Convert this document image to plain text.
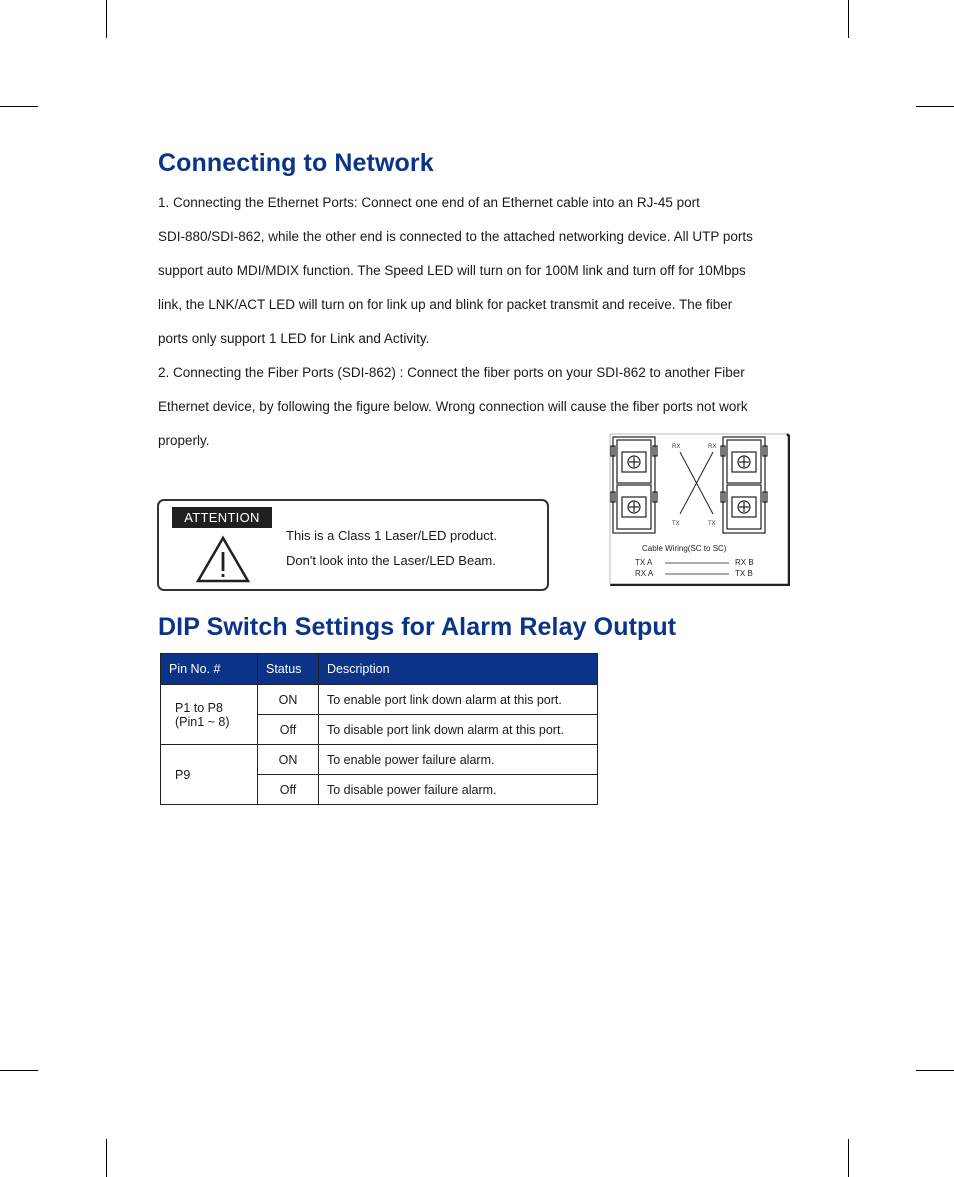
Connecting to Network

1. Connecting the Ethernet Ports: Connect one end of an Ethernet cable into an RJ-45 port

SDI-880/SDI-862, while the other end is connected to the attached networking device. All UTP ports

support auto MDI/MDIX function. The Speed LED will turn on for 100M link and turn off for 10Mbps

link, the LNK/ACT LED will turn on for link up and blink for packet transmit and receive. The fiber

ports only support 1 LED for Link and Activity.

2. Connecting the Fiber Ports (SDI-862) : Connect the fiber ports on your SDI-862 to another Fiber

Ethernet device, by following the figure below. Wrong connection will cause the fiber ports not work

properly.

ATTENTION
This is a Class 1 Laser/LED product.
Don't look into the Laser/LED Beam.
RX	RX
TX	TX
Cable Wiring(SC to SC)
TX A	RX B
RX A	TX B
DIP Switch Settings for Alarm Relay Output
Pin No. #	Status	Description
P1 to P8
(Pin1 ~ 8)	ON	To enable port link down alarm at this port.
	Off	To disable port link down alarm at this port.
P9	ON	To enable power failure alarm.
	Off	To disable power failure alarm.
